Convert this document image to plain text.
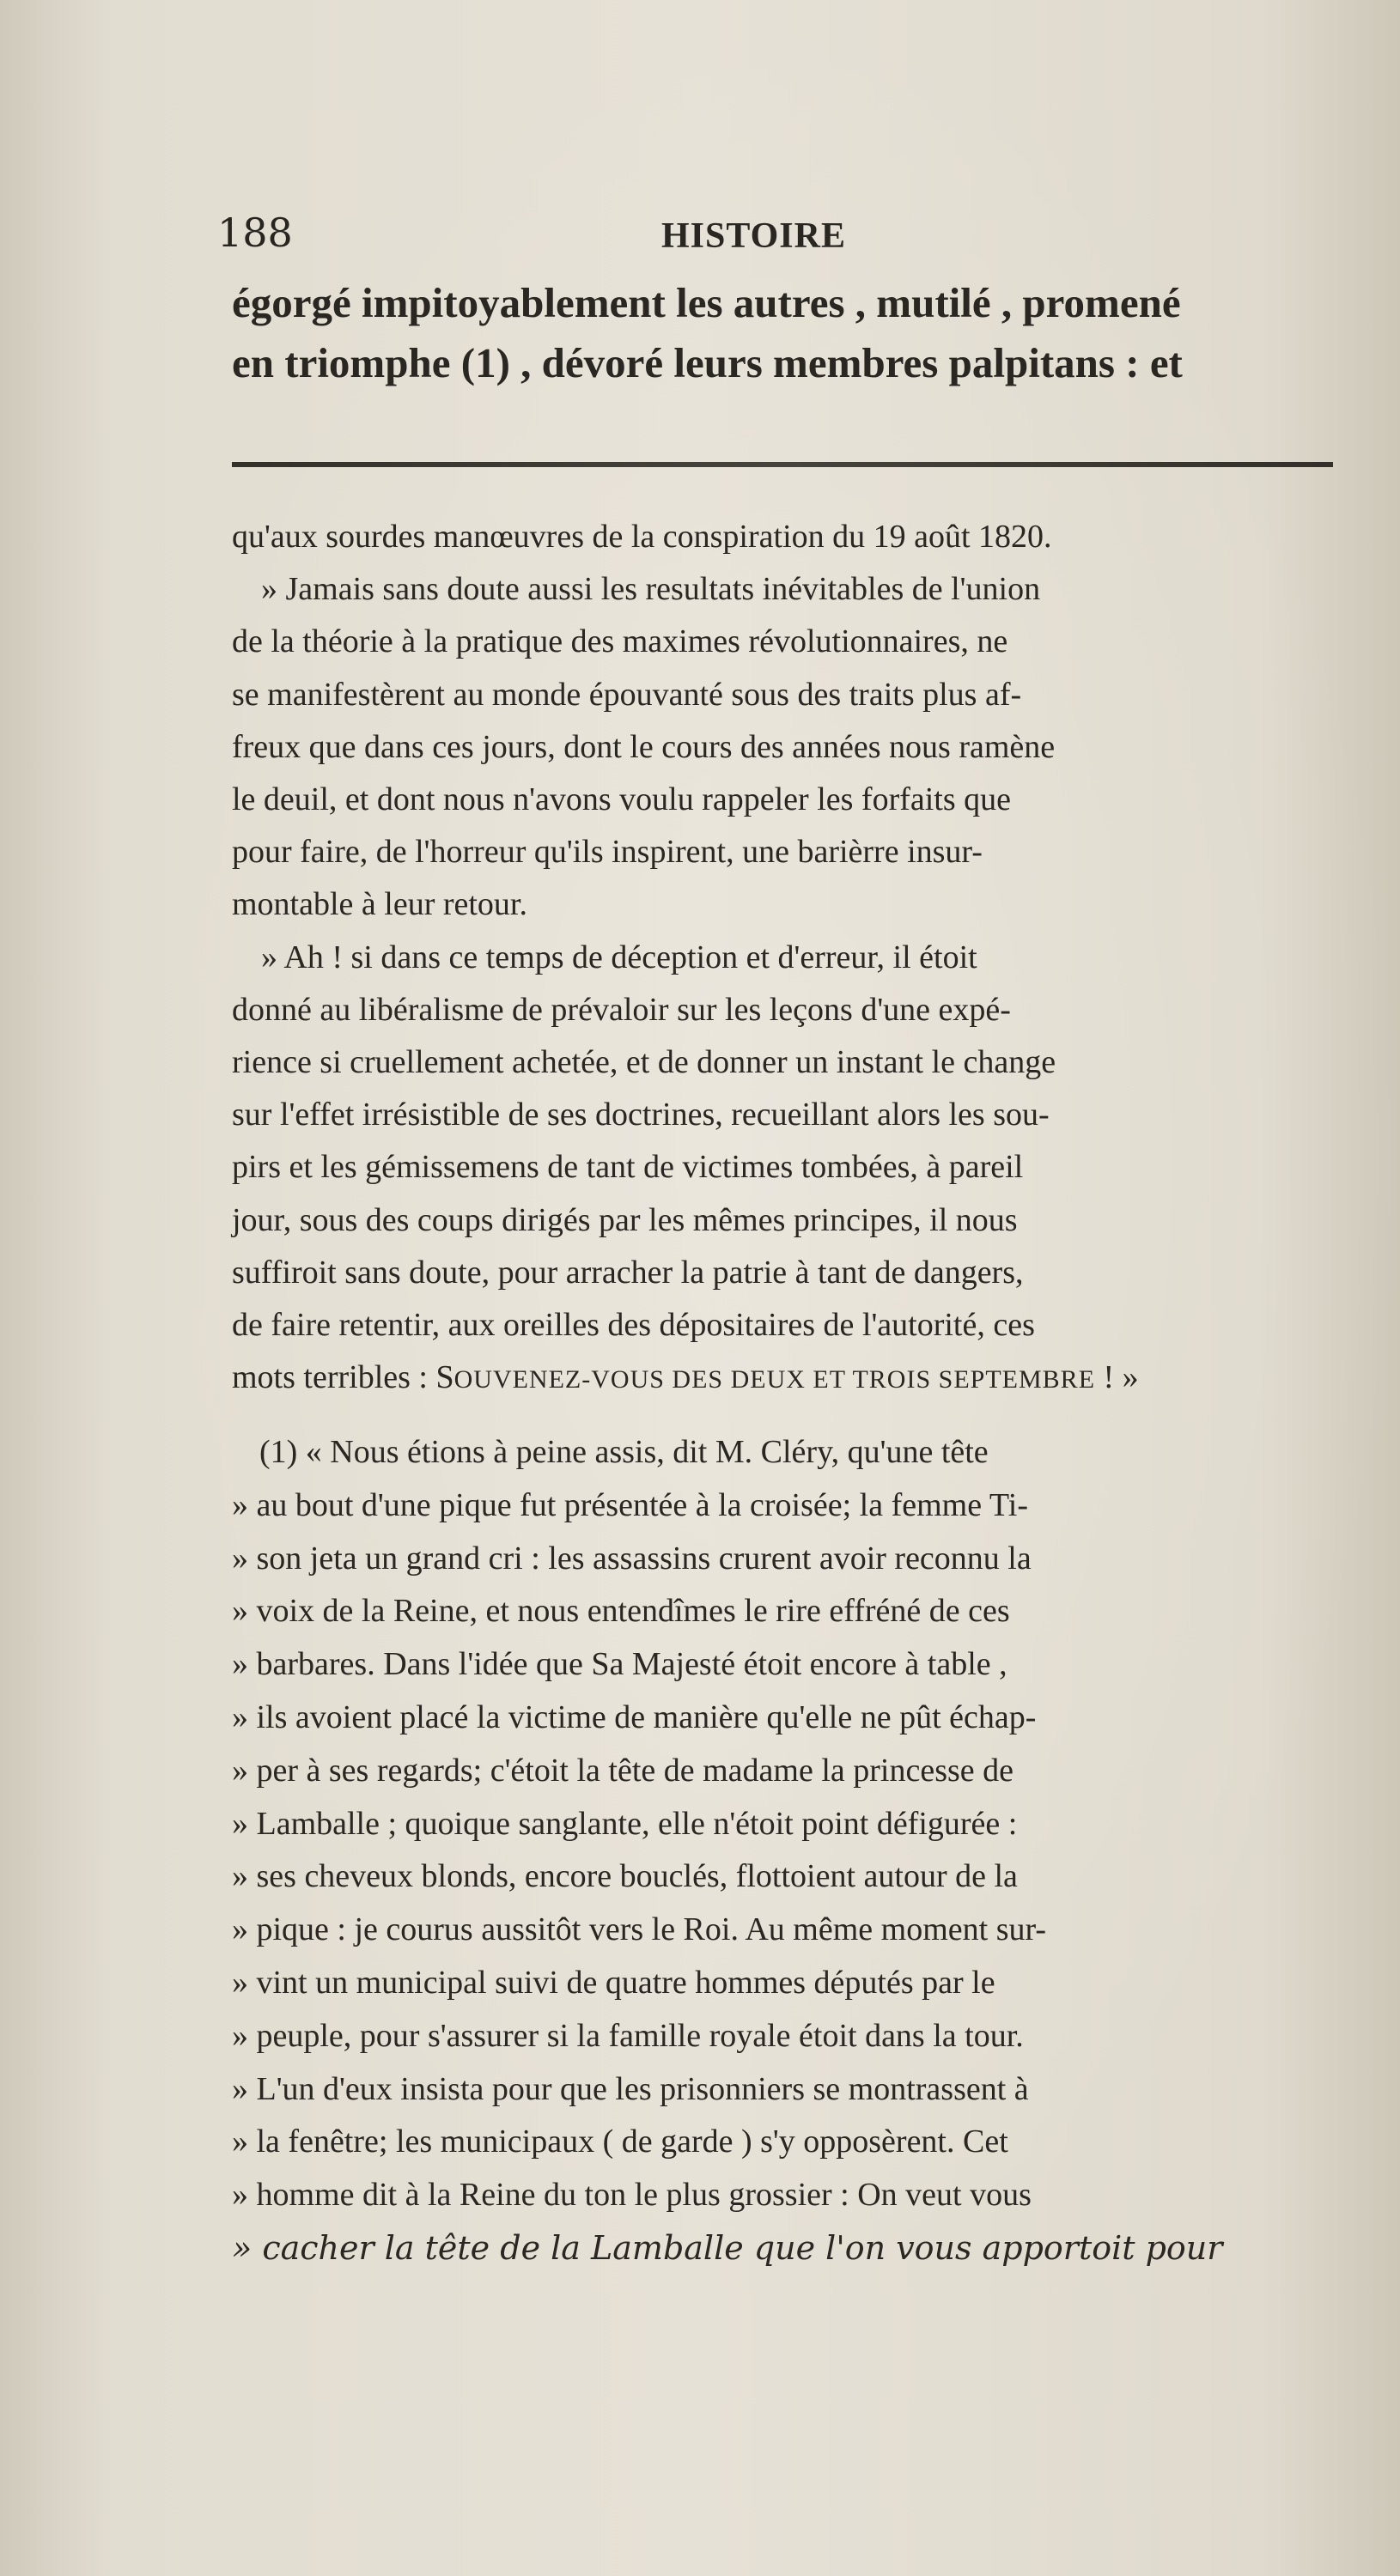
188	HISTOIRE
égorgé impitoyablement les autres , mutilé , promené
en triomphe (1) , dévoré leurs membres palpitans : et
qu'aux sourdes manœuvres de la conspiration du 19 août 1820.
» Jamais sans doute aussi les resultats inévitables de l'union
de la théorie à la pratique des maximes révolutionnaires, ne
se manifestèrent au monde épouvanté sous des traits plus af-
freux que dans ces jours, dont le cours des années nous ramène
le deuil, et dont nous n'avons voulu rappeler les forfaits que
pour faire, de l'horreur qu'ils inspirent, une barièrre insur-
montable à leur retour.
» Ah ! si dans ce temps de déception et d'erreur, il étoit
donné au libéralisme de prévaloir sur les leçons d'une expé-
rience si cruellement achetée, et de donner un instant le change
sur l'effet irrésistible de ses doctrines, recueillant alors les sou-
pirs et les gémissemens de tant de victimes tombées, à pareil
jour, sous des coups dirigés par les mêmes principes, il nous
suffiroit sans doute, pour arracher la patrie à tant de dangers,
de faire retentir, aux oreilles des dépositaires de l'autorité, ces
mots terribles : SOUVENEZ-VOUS DES DEUX ET TROIS SEPTEMBRE ! »
(1) « Nous étions à peine assis, dit M. Cléry, qu'une tête
» au bout d'une pique fut présentée à la croisée; la femme Ti-
» son jeta un grand cri : les assassins crurent avoir reconnu la
» voix de la Reine, et nous entendîmes le rire effréné de ces
» barbares. Dans l'idée que Sa Majesté étoit encore à table ,
» ils avoient placé la victime de manière qu'elle ne pût échap-
» per à ses regards; c'étoit la tête de madame la princesse de
» Lamballe ; quoique sanglante, elle n'étoit point défigurée :
» ses cheveux blonds, encore bouclés, flottoient autour de la
» pique : je courus aussitôt vers le Roi. Au même moment sur-
» vint un municipal suivi de quatre hommes députés par le
» peuple, pour s'assurer si la famille royale étoit dans la tour.
» L'un d'eux insista pour que les prisonniers se montrassent à
» la fenêtre; les municipaux ( de garde ) s'y opposèrent. Cet
» homme dit à la Reine du ton le plus grossier : On veut vous
» cacher la tête de la Lamballe que l'on vous apportoit pour
